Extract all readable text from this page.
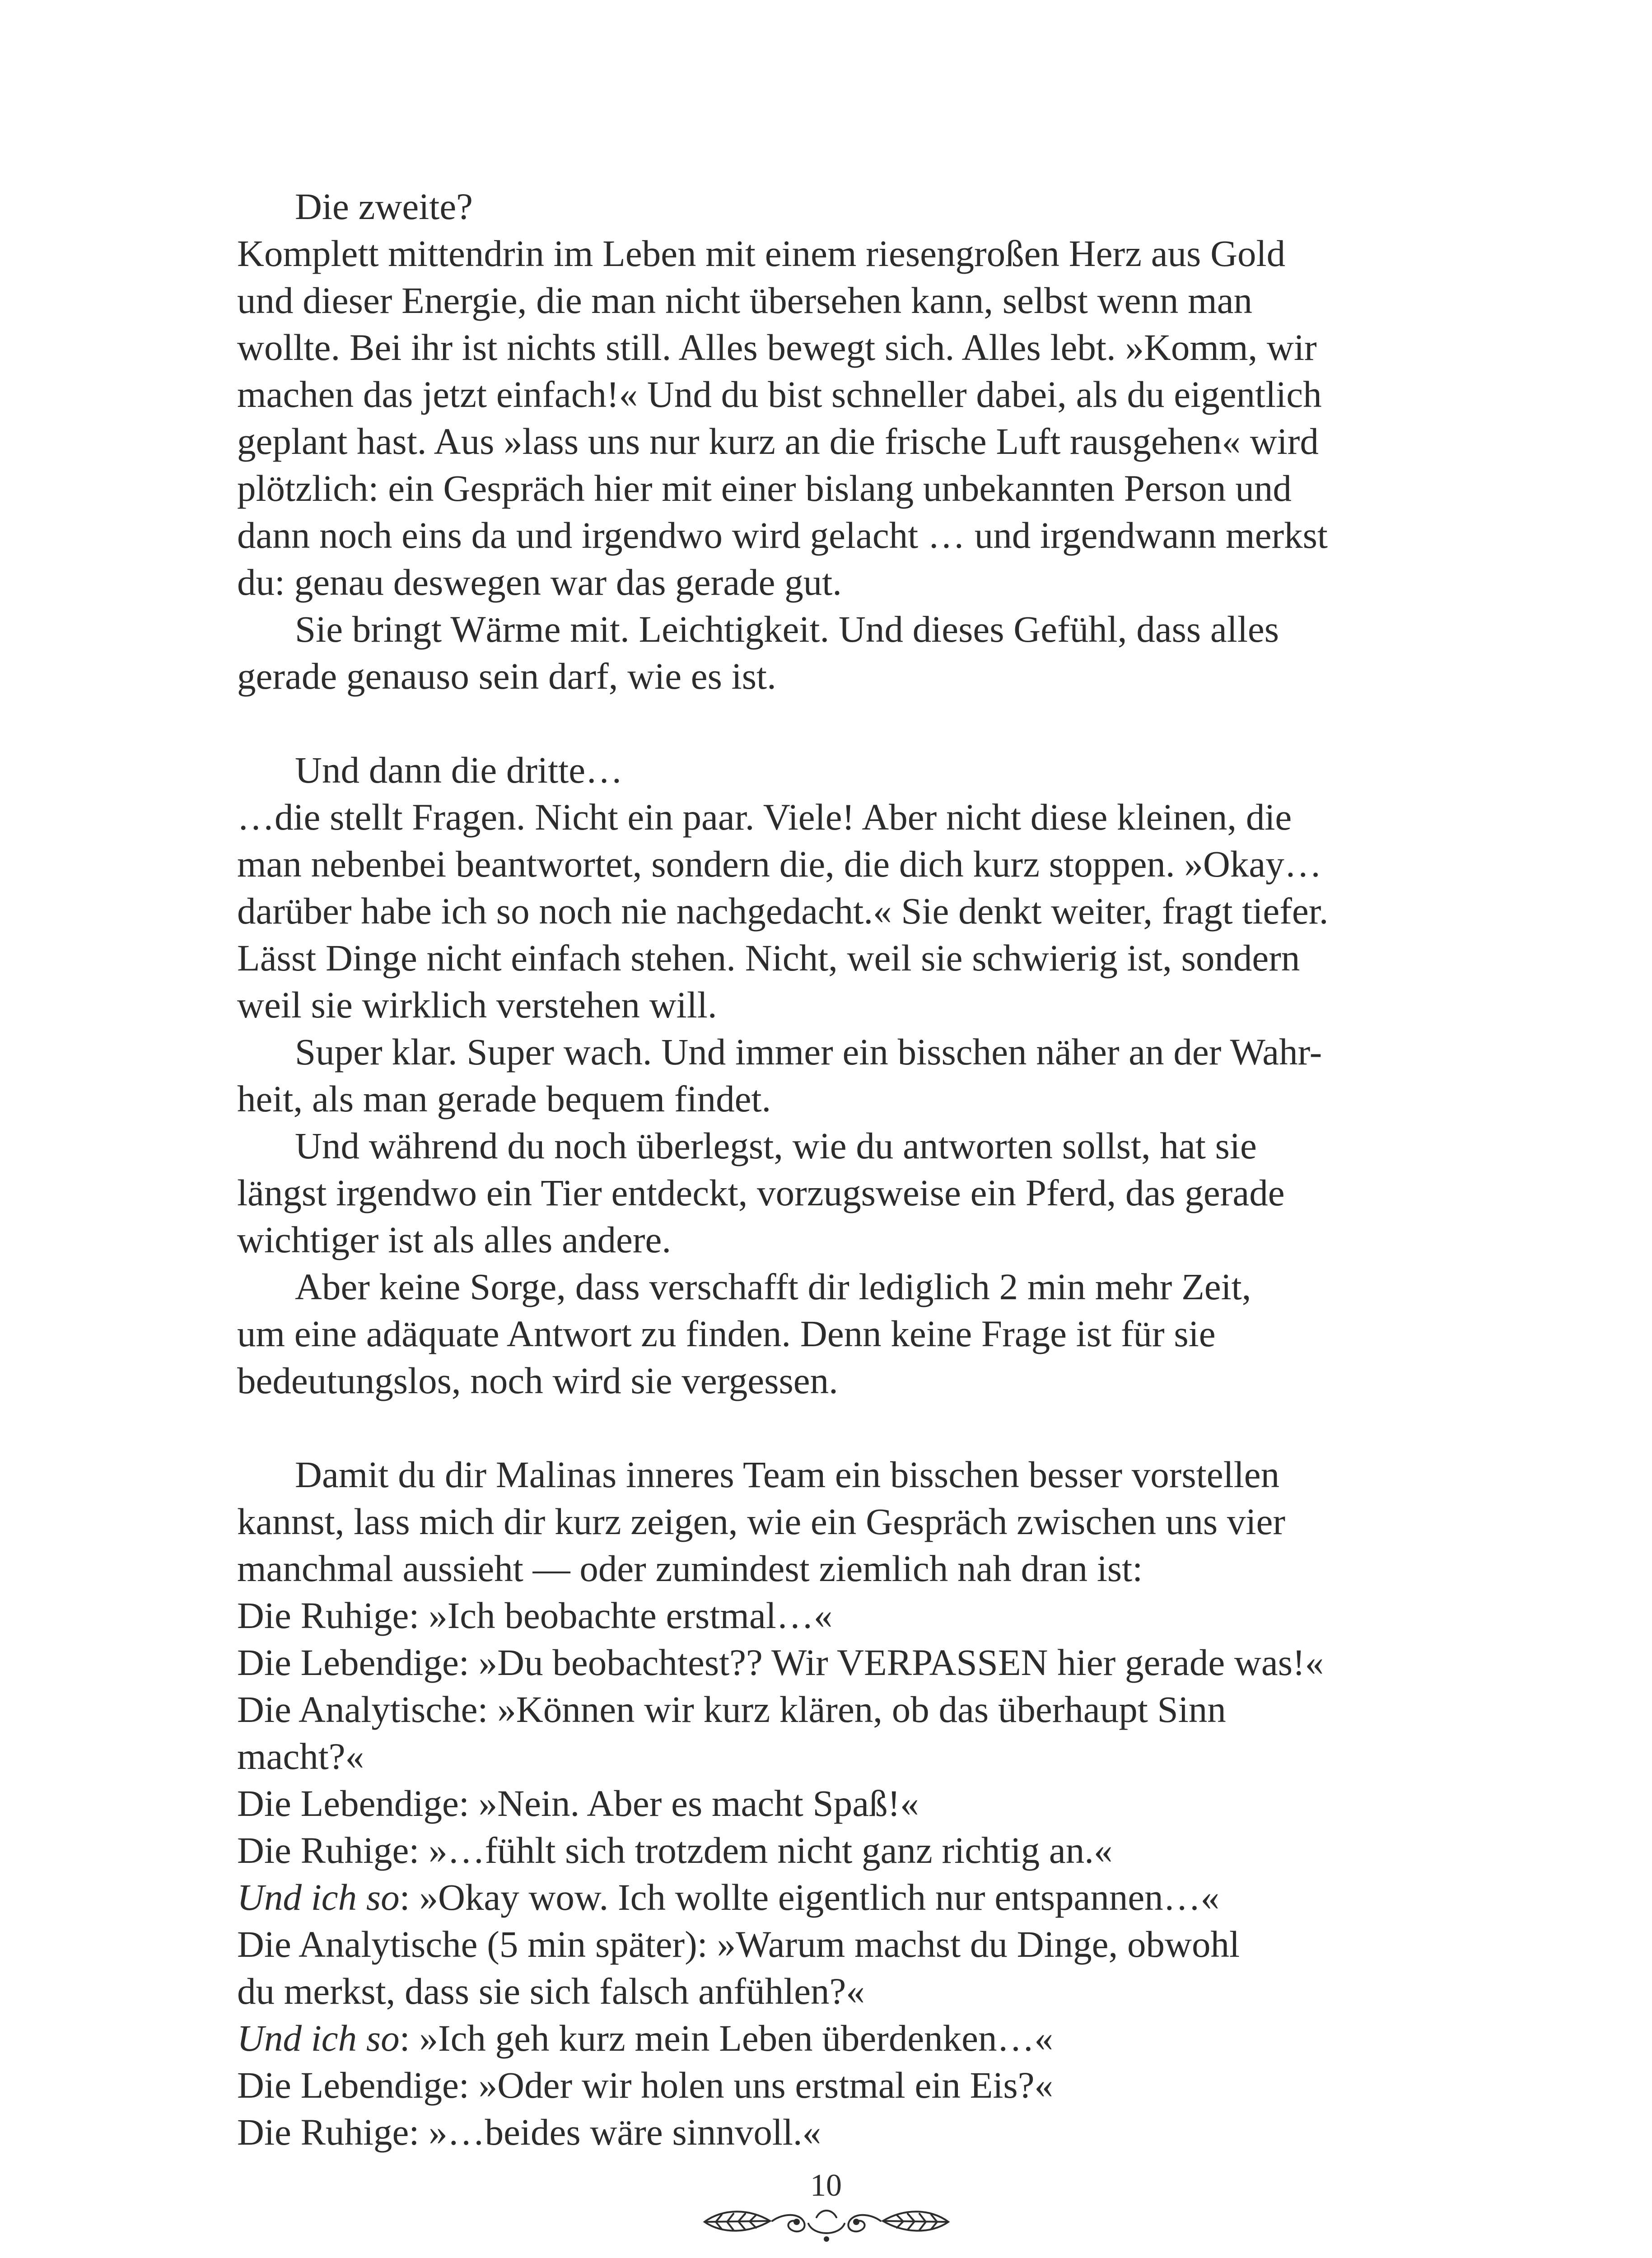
Die zweite?
Komplett mittendrin im Leben mit einem riesengroßen Herz aus Gold
und dieser Energie, die man nicht übersehen kann, selbst wenn man
wollte. Bei ihr ist nichts still. Alles bewegt sich. Alles lebt. »Komm, wir
machen das jetzt einfach!« Und du bist schneller dabei, als du eigentlich
geplant hast. Aus »lass uns nur kurz an die frische Luft rausgehen« wird
plötzlich: ein Gespräch hier mit einer bislang unbekannten Person und
dann noch eins da und irgendwo wird gelacht … und irgendwann merkst
du: genau deswegen war das gerade gut.
Sie bringt Wärme mit. Leichtigkeit. Und dieses Gefühl, dass alles
gerade genauso sein darf, wie es ist.
Und dann die dritte…
…die stellt Fragen. Nicht ein paar. Viele! Aber nicht diese kleinen, die
man nebenbei beantwortet, sondern die, die dich kurz stoppen. »Okay…
darüber habe ich so noch nie nachgedacht.« Sie denkt weiter, fragt tiefer.
Lässt Dinge nicht einfach stehen. Nicht, weil sie schwierig ist, sondern
weil sie wirklich verstehen will.
Super klar. Super wach. Und immer ein bisschen näher an der Wahr-
heit, als man gerade bequem findet.
Und während du noch überlegst, wie du antworten sollst, hat sie
längst irgendwo ein Tier entdeckt, vorzugsweise ein Pferd, das gerade
wichtiger ist als alles andere.
Aber keine Sorge, dass verschafft dir lediglich 2 min mehr Zeit,
um eine adäquate Antwort zu finden. Denn keine Frage ist für sie
bedeutungslos, noch wird sie vergessen.
Damit du dir Malinas inneres Team ein bisschen besser vorstellen
kannst, lass mich dir kurz zeigen, wie ein Gespräch zwischen uns vier
manchmal aussieht — oder zumindest ziemlich nah dran ist:
Die Ruhige: »Ich beobachte erstmal…«
Die Lebendige: »Du beobachtest?? Wir VERPASSEN hier gerade was!«
Die Analytische: »Können wir kurz klären, ob das überhaupt Sinn
macht?«
Die Lebendige: »Nein. Aber es macht Spaß!«
Die Ruhige: »…fühlt sich trotzdem nicht ganz richtig an.«
Und ich so: »Okay wow. Ich wollte eigentlich nur entspannen…«
Die Analytische (5 min später): »Warum machst du Dinge, obwohl
du merkst, dass sie sich falsch anfühlen?«
Und ich so: »Ich geh kurz mein Leben überdenken…«
Die Lebendige: »Oder wir holen uns erstmal ein Eis?«
Die Ruhige: »…beides wäre sinnvoll.«
10
